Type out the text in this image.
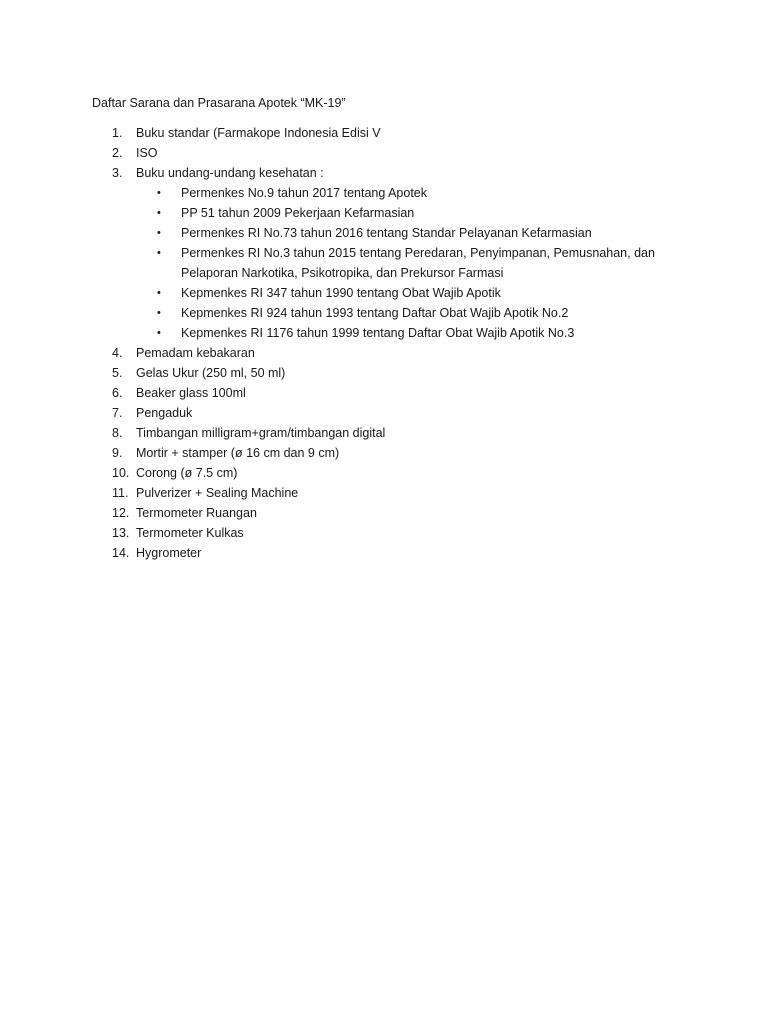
Daftar Sarana dan Prasarana Apotek “MK-19”
1.	Buku standar (Farmakope Indonesia Edisi V
2.	ISO
3.	Buku undang-undang kesehatan :
• Permenkes No.9 tahun 2017 tentang Apotek
• PP 51 tahun 2009 Pekerjaan Kefarmasian
• Permenkes RI No.73 tahun 2016 tentang Standar Pelayanan Kefarmasian
• Permenkes RI No.3 tahun 2015 tentang Peredaran, Penyimpanan, Pemusnahan, dan Pelaporan Narkotika, Psikotropika, dan Prekursor Farmasi
• Kepmenkes RI 347 tahun 1990 tentang Obat Wajib Apotik
• Kepmenkes RI 924 tahun 1993 tentang Daftar Obat Wajib Apotik No.2
• Kepmenkes RI 1176 tahun 1999 tentang Daftar Obat Wajib Apotik No.3
4.	Pemadam kebakaran
5.	Gelas Ukur (250 ml, 50 ml)
6.	Beaker glass 100ml
7.	Pengaduk
8.	Timbangan milligram+gram/timbangan digital
9.	Mortir + stamper (ø 16 cm dan 9 cm)
10. Corong (ø 7.5 cm)
11. Pulverizer + Sealing Machine
12. Termometer Ruangan
13. Termometer Kulkas
14. Hygrometer
